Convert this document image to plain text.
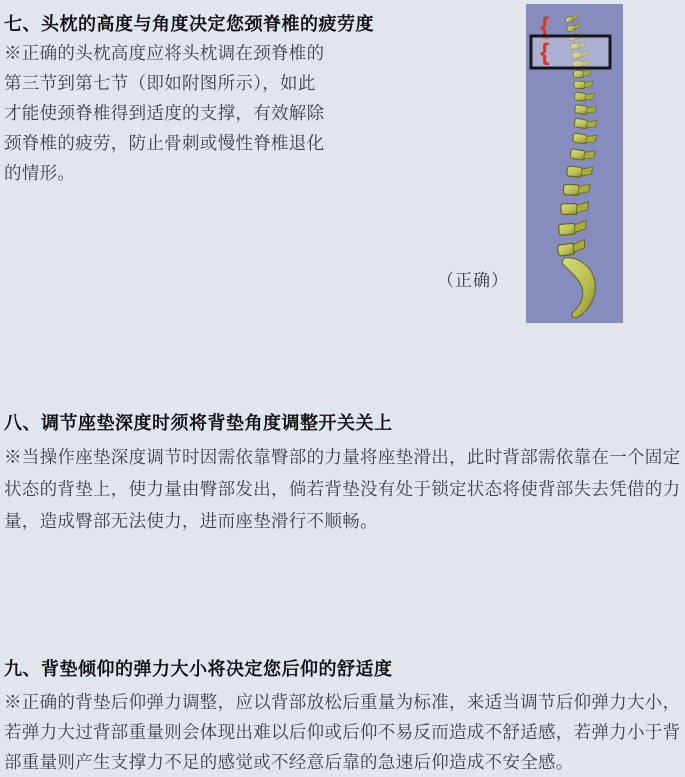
七、头枕的高度与角度决定您颈脊椎的疲劳度
※正确的头枕高度应将头枕调在颈脊椎的
第三节到第七节（即如附图所示），如此
才能使颈脊椎得到适度的支撑，有效解除
颈脊椎的疲劳，防止骨刺或慢性脊椎退化
的情形。
{
{
（正确）
八、调节座垫深度时须将背垫角度调整开关关上
※当操作座垫深度调节时因需依靠臀部的力量将座垫滑出，此时背部需依靠在一个固定
状态的背垫上，使力量由臀部发出，倘若背垫没有处于锁定状态将使背部失去凭借的力
量，造成臀部无法使力，进而座垫滑行不顺畅。
九、背垫倾仰的弹力大小将决定您后仰的舒适度
※正确的背垫后仰弹力调整，应以背部放松后重量为标准，来适当调节后仰弹力大小，
若弹力大过背部重量则会体现出难以后仰或后仰不易反而造成不舒适感，若弹力小于背
部重量则产生支撑力不足的感觉或不经意后靠的急速后仰造成不安全感。
